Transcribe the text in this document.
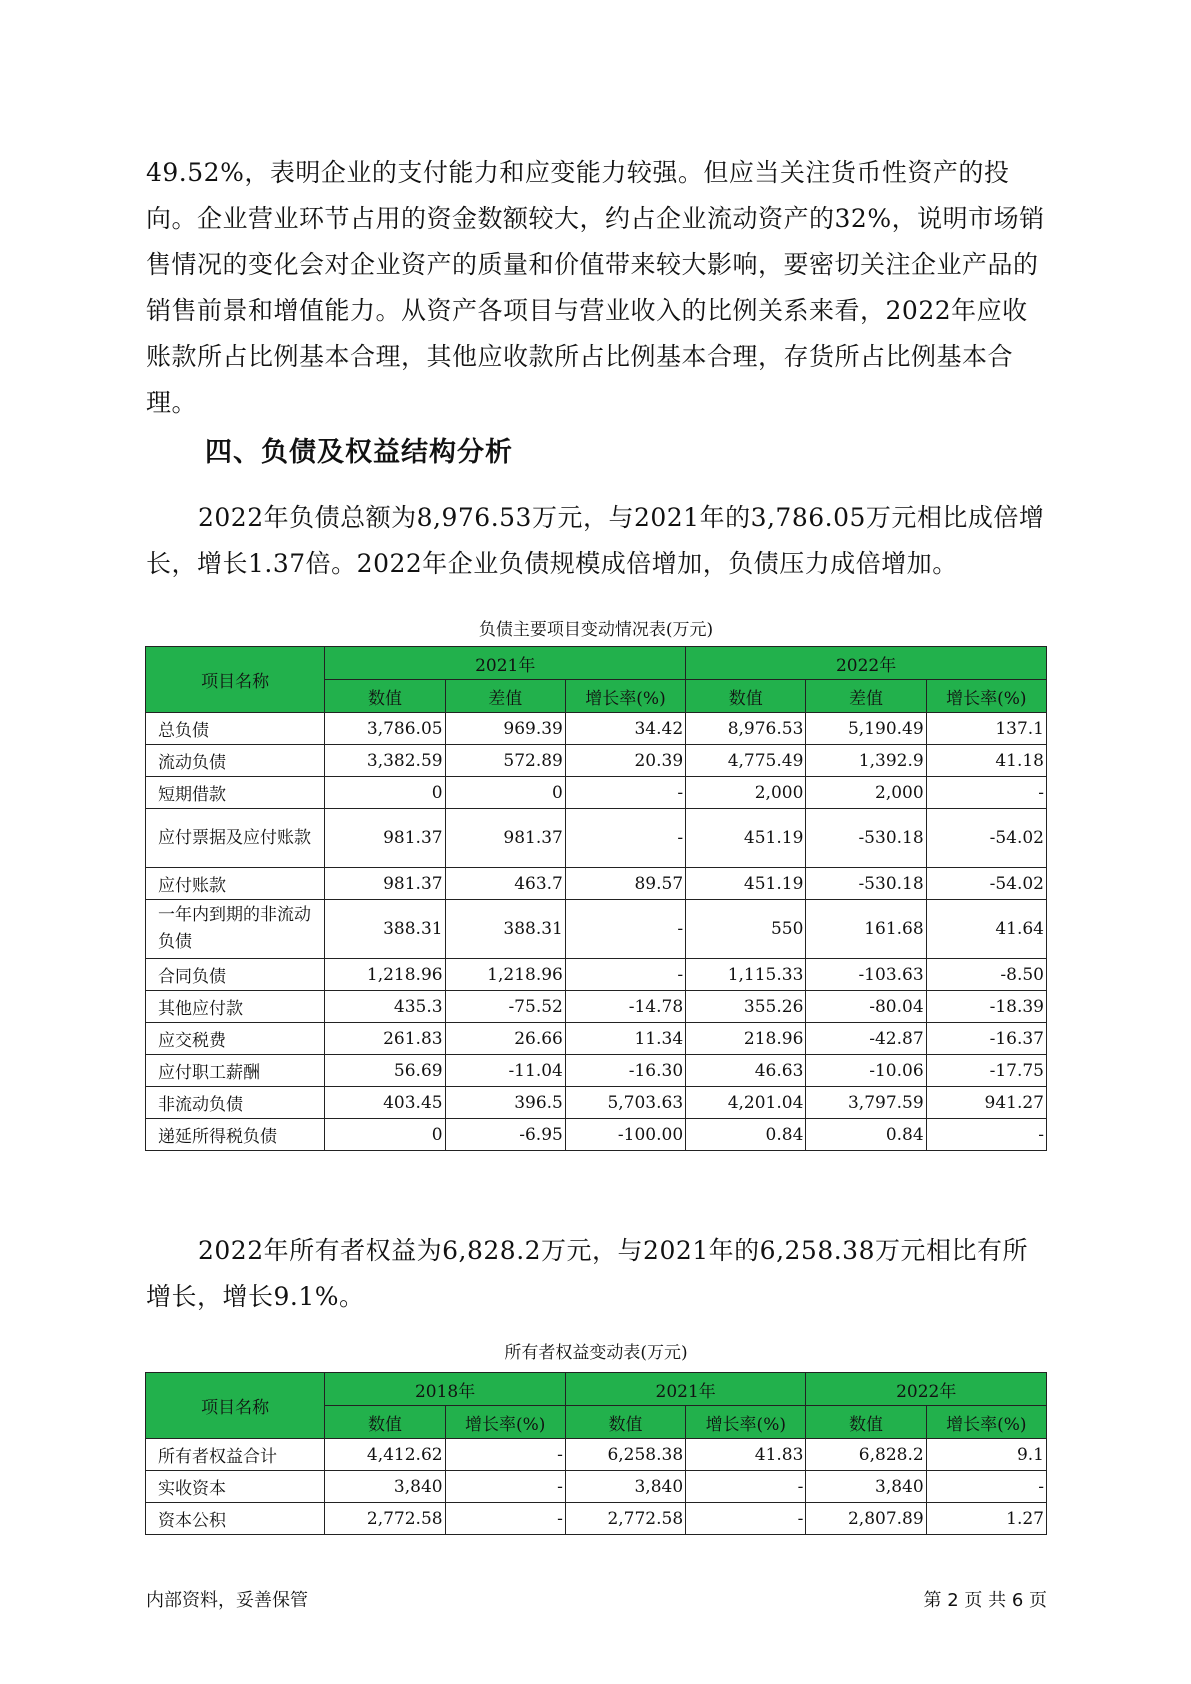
49.52%，表明企业的支付能力和应变能力较强。但应当关注货币性资产的投向。企业营业环节占用的资金数额较大，约占企业流动资产的32%，说明市场销售情况的变化会对企业资产的质量和价值带来较大影响，要密切关注企业产品的销售前景和增值能力。从资产各项目与营业收入的比例关系来看，2022年应收账款所占比例基本合理，其他应收款所占比例基本合理，存货所占比例基本合理。

四、负债及权益结构分析

2022年负债总额为8,976.53万元，与2021年的3,786.05万元相比成倍增长，增长1.37倍。2022年企业负债规模成倍增加，负债压力成倍增加。

负债主要项目变动情况表(万元)

项目名称	2021年			2022年		
	数值	差值	增长率(%)	数值	差值	增长率(%)
总负债	3,786.05	969.39	34.42	8,976.53	5,190.49	137.1
流动负债	3,382.59	572.89	20.39	4,775.49	1,392.9	41.18
短期借款	0	0	-	2,000	2,000	-
应付票据及应付账款	981.37	981.37	-	451.19	-530.18	-54.02
应付账款	981.37	463.7	89.57	451.19	-530.18	-54.02
一年内到期的非流动负债	388.31	388.31	-	550	161.68	41.64
合同负债	1,218.96	1,218.96	-	1,115.33	-103.63	-8.50
其他应付款	435.3	-75.52	-14.78	355.26	-80.04	-18.39
应交税费	261.83	26.66	11.34	218.96	-42.87	-16.37
应付职工薪酬	56.69	-11.04	-16.30	46.63	-10.06	-17.75
非流动负债	403.45	396.5	5,703.63	4,201.04	3,797.59	941.27
递延所得税负债	0	-6.95	-100.00	0.84	0.84	-

2022年所有者权益为6,828.2万元，与2021年的6,258.38万元相比有所增长，增长9.1%。

所有者权益变动表(万元)

项目名称	2018年		2021年		2022年	
	数值	增长率(%)	数值	增长率(%)	数值	增长率(%)
所有者权益合计	4,412.62	-	6,258.38	41.83	6,828.2	9.1
实收资本	3,840	-	3,840	-	3,840	-
资本公积	2,772.58	-	2,772.58	-	2,807.89	1.27

内部资料，妥善保管	第 2 页 共 6 页
